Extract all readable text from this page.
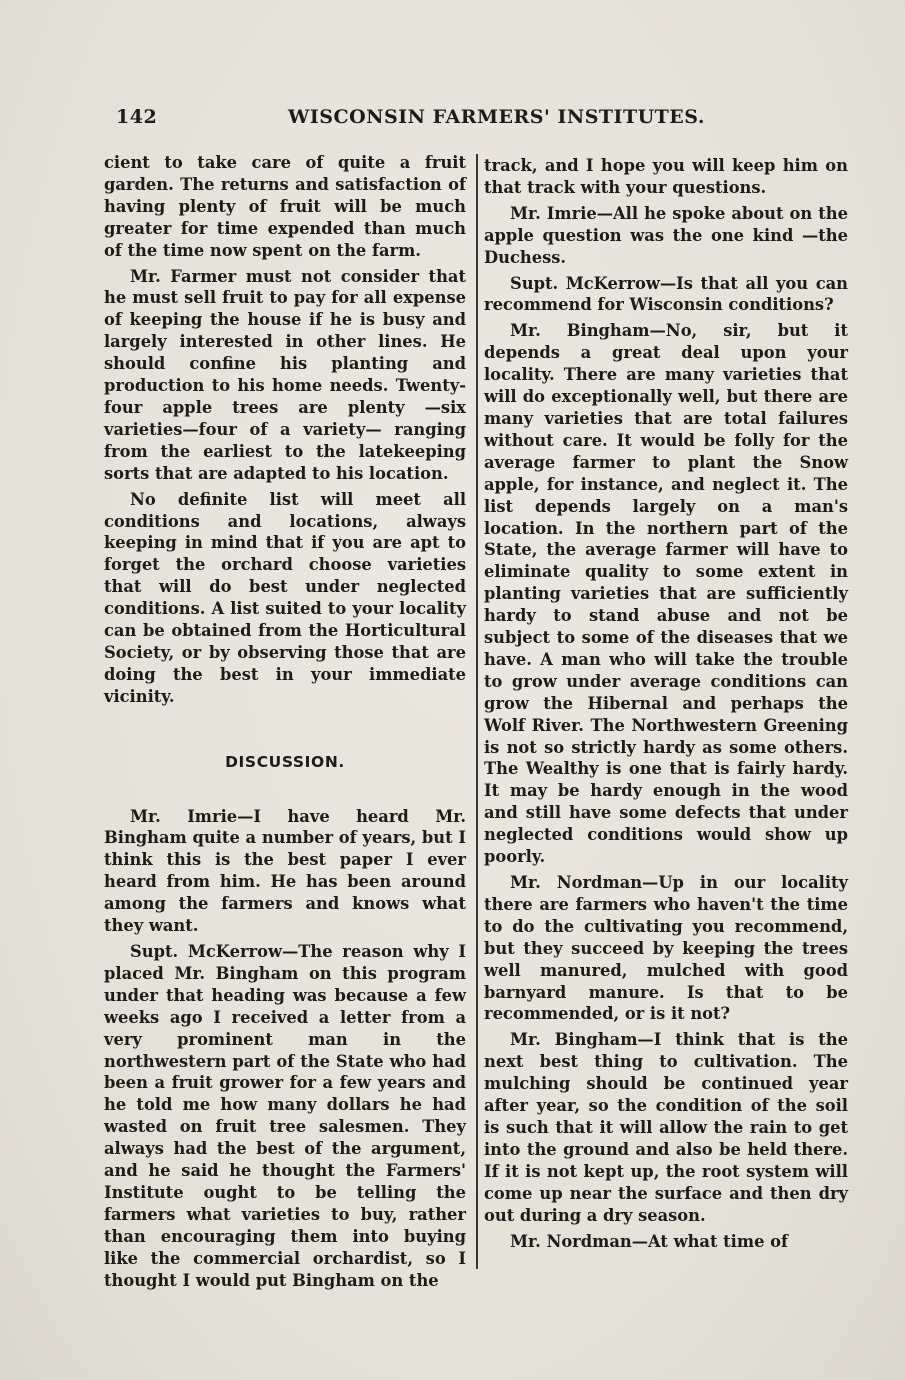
142	WISCONSIN FARMERS' INSTITUTES.

cient to take care of quite a fruit garden. The returns and satisfaction of having plenty of fruit will be much greater for time expended than much of the time now spent on the farm.

Mr. Farmer must not consider that he must sell fruit to pay for all expense of keeping the house if he is busy and largely interested in other lines. He should confine his planting and production to his home needs. Twenty-four apple trees are plenty —six varieties—four of a variety— ranging from the earliest to the latekeeping sorts that are adapted to his location.

No definite list will meet all conditions and locations, always keeping in mind that if you are apt to forget the orchard choose varieties that will do best under neglected conditions. A list suited to your locality can be obtained from the Horticultural Society, or by observing those that are doing the best in your immediate vicinity.

DISCUSSION.

Mr. Imrie—I have heard Mr. Bingham quite a number of years, but I think this is the best paper I ever heard from him. He has been around among the farmers and knows what they want.

Supt. McKerrow—The reason why I placed Mr. Bingham on this program under that heading was because a few weeks ago I received a letter from a very prominent man in the northwestern part of the State who had been a fruit grower for a few years and he told me how many dollars he had wasted on fruit tree salesmen. They always had the best of the argument, and he said he thought the Farmers' Institute ought to be telling the farmers what varieties to buy, rather than encouraging them into buying like the commercial orchardist, so I thought I would put Bingham on the

track, and I hope you will keep him on that track with your questions.

Mr. Imrie—All he spoke about on the apple question was the one kind —the Duchess.

Supt. McKerrow—Is that all you can recommend for Wisconsin conditions?

Mr. Bingham—No, sir, but it depends a great deal upon your locality. There are many varieties that will do exceptionally well, but there are many varieties that are total failures without care. It would be folly for the average farmer to plant the Snow apple, for instance, and neglect it. The list depends largely on a man's location. In the northern part of the State, the average farmer will have to eliminate quality to some extent in planting varieties that are sufficiently hardy to stand abuse and not be subject to some of the diseases that we have. A man who will take the trouble to grow under average conditions can grow the Hibernal and perhaps the Wolf River. The Northwestern Greening is not so strictly hardy as some others. The Wealthy is one that is fairly hardy. It may be hardy enough in the wood and still have some defects that under neglected conditions would show up poorly.

Mr. Nordman—Up in our locality there are farmers who haven't the time to do the cultivating you recommend, but they succeed by keeping the trees well manured, mulched with good barnyard manure. Is that to be recommended, or is it not?

Mr. Bingham—I think that is the next best thing to cultivation. The mulching should be continued year after year, so the condition of the soil is such that it will allow the rain to get into the ground and also be held there. If it is not kept up, the root system will come up near the surface and then dry out during a dry season.

Mr. Nordman—At what time of
